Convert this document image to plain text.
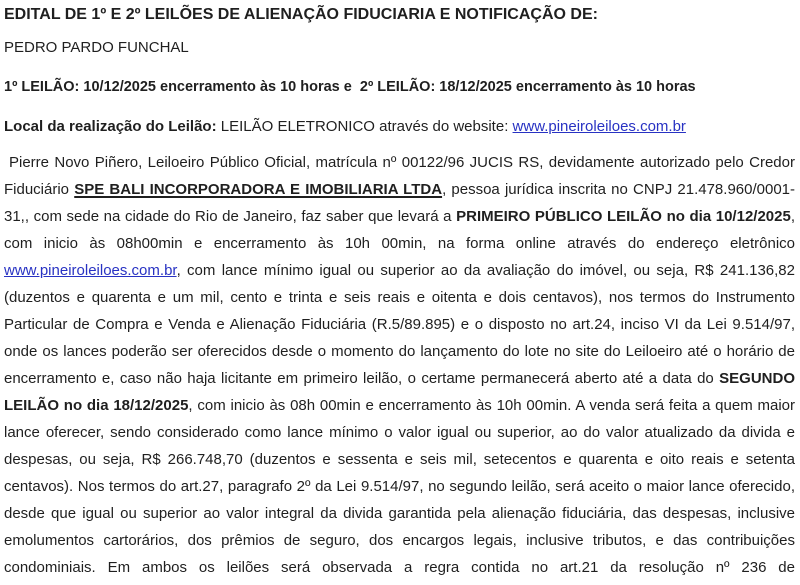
EDITAL DE 1º E 2º LEILÕES DE ALIENAÇÃO FIDUCIARIA E NOTIFICAÇÃO DE:

PEDRO PARDO FUNCHAL

1º LEILÃO: 10/12/2025 encerramento às 10 horas e  2º LEILÃO: 18/12/2025 encerramento às 10 horas

Local da realização do Leilão: LEILÃO ELETRONICO através do website: www.pineiroleiloes.com.br

Pierre Novo Piñero, Leiloeiro Público Oficial, matrícula nº 00122/96 JUCIS RS, devidamente autorizado pelo Credor Fiduciário SPE BALI INCORPORADORA E IMOBILIARIA LTDA, pessoa jurídica inscrita no CNPJ 21.478.960/0001-31,, com sede na cidade do Rio de Janeiro, faz saber que levará a PRIMEIRO PÚBLICO LEILÃO no dia 10/12/2025, com inicio às 08h00min e encerramento às 10h 00min, na forma online através do endereço eletrônico www.pineiroleiloes.com.br, com lance mínimo igual ou superior ao da avaliação do imóvel, ou seja, R$ 241.136,82 (duzentos e quarenta e um mil, cento e trinta e seis reais e oitenta e dois centavos), nos termos do Instrumento Particular de Compra e Venda e Alienação Fiduciária (R.5/89.895) e o disposto no art.24, inciso VI da Lei 9.514/97, onde os lances poderão ser oferecidos desde o momento do lançamento do lote no site do Leiloeiro até o horário de encerramento e, caso não haja licitante em primeiro leilão, o certame permanecerá aberto até a data do SEGUNDO LEILÃO no dia 18/12/2025, com inicio às 08h 00min e encerramento às 10h 00min. A venda será feita a quem maior lance oferecer, sendo considerado como lance mínimo o valor igual ou superior, ao do valor atualizado da divida e despesas, ou seja, R$ 266.748,70 (duzentos e sessenta e seis mil, setecentos e quarenta e oito reais e setenta centavos). Nos termos do art.27, paragrafo 2º da Lei 9.514/97, no segundo leilão, será aceito o maior lance oferecido, desde que igual ou superior ao valor integral da divida garantida pela alienação fiduciária, das despesas, inclusive emolumentos cartorários, dos prêmios de seguro, dos encargos legais, inclusive tributos, e das contribuições condominiais. Em ambos os leilões será observada a regra contida no art.21 da resolução nº 236 de
